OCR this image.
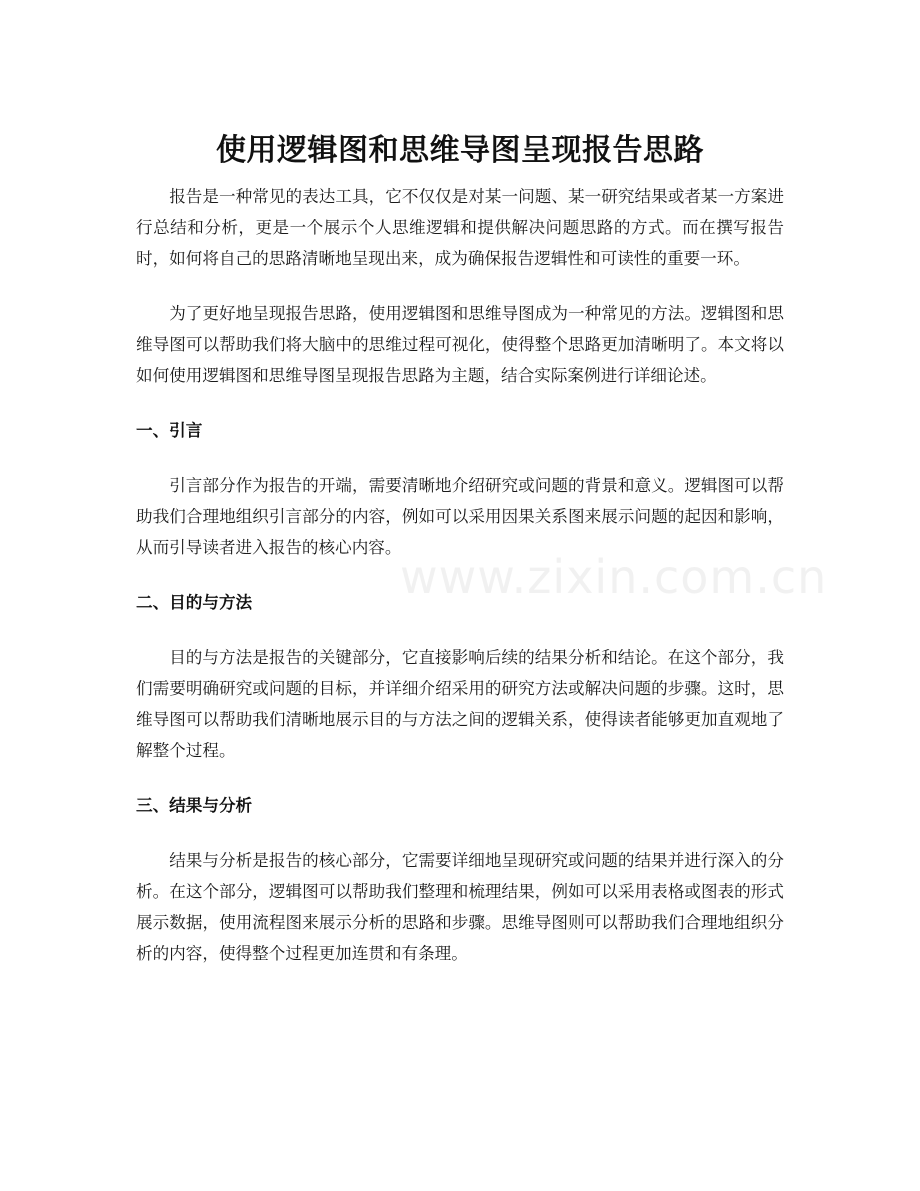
www.zixin.com.cn
使用逻辑图和思维导图呈现报告思路

报告是一种常见的表达工具，它不仅仅是对某一问题、某一研究结果或者某一方案进行总结和分析，更是一个展示个人思维逻辑和提供解决问题思路的方式。而在撰写报告时，如何将自己的思路清晰地呈现出来，成为确保报告逻辑性和可读性的重要一环。

为了更好地呈现报告思路，使用逻辑图和思维导图成为一种常见的方法。逻辑图和思维导图可以帮助我们将大脑中的思维过程可视化，使得整个思路更加清晰明了。本文将以如何使用逻辑图和思维导图呈现报告思路为主题，结合实际案例进行详细论述。

一、引言

引言部分作为报告的开端，需要清晰地介绍研究或问题的背景和意义。逻辑图可以帮助我们合理地组织引言部分的内容，例如可以采用因果关系图来展示问题的起因和影响，从而引导读者进入报告的核心内容。

二、目的与方法

目的与方法是报告的关键部分，它直接影响后续的结果分析和结论。在这个部分，我们需要明确研究或问题的目标，并详细介绍采用的研究方法或解决问题的步骤。这时，思维导图可以帮助我们清晰地展示目的与方法之间的逻辑关系，使得读者能够更加直观地了解整个过程。

三、结果与分析

结果与分析是报告的核心部分，它需要详细地呈现研究或问题的结果并进行深入的分析。在这个部分，逻辑图可以帮助我们整理和梳理结果，例如可以采用表格或图表的形式展示数据，使用流程图来展示分析的思路和步骤。思维导图则可以帮助我们合理地组织分析的内容，使得整个过程更加连贯和有条理。
